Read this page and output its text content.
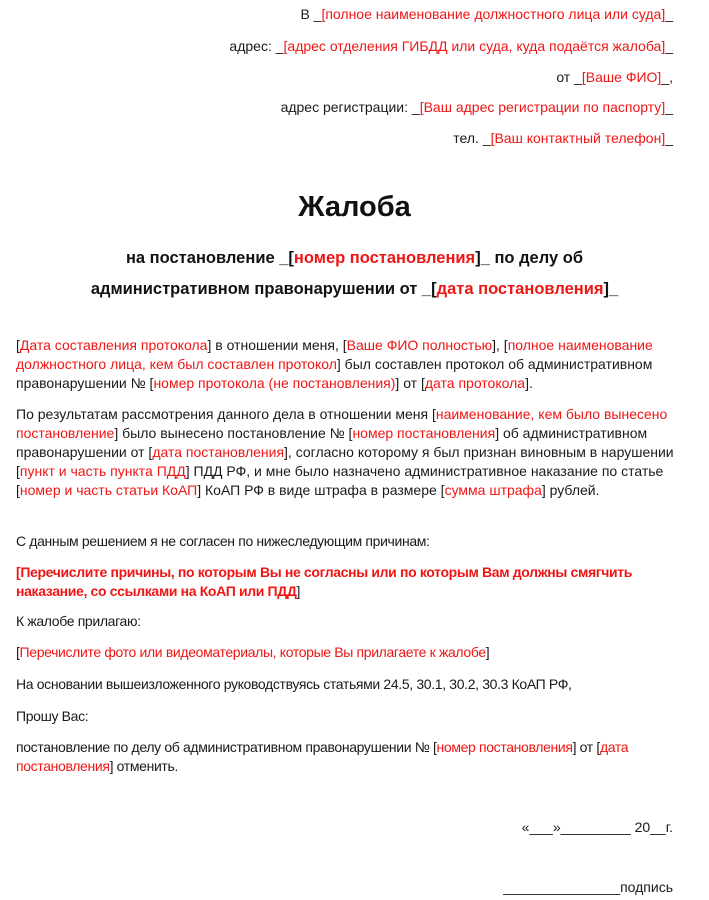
В _[полное наименование должностного лица или суда]_
адрес: _[адрес отделения ГИБДД или суда, куда подаётся жалоба]_
от _[Ваше ФИО]_,
адрес регистрации: _[Ваш адрес регистрации по паспорту]_
тел. _[Ваш контактный телефон]_
Жалоба
на постановление _[номер постановления]_ по делу об
административном правонарушении от _[дата постановления]_
[Дата составления протокола] в отношении меня, [Ваше ФИО полностью], [полное наименование должностного лица, кем был составлен протокол] был составлен протокол об административном правонарушении № [номер протокола (не постановления)] от [дата протокола].
По результатам рассмотрения данного дела в отношении меня [наименование, кем было вынесено постановление] было вынесено постановление № [номер постановления] об административном правонарушении от [дата постановления], согласно которому я был признан виновным в нарушении [пункт и часть пункта ПДД] ПДД РФ, и мне было назначено административное наказание по статье [номер и часть статьи КоАП] КоАП РФ в виде штрафа в размере [сумма штрафа] рублей.
С данным решением я не согласен по нижеследующим причинам:
[Перечислите причины, по которым Вы не согласны или по которым Вам должны смягчить наказание, со ссылками на КоАП или ПДД]
К жалобе прилагаю:
[Перечислите фото или видеоматериалы, которые Вы прилагаете к жалобе]
На основании вышеизложенного руководствуясь статьями 24.5, 30.1, 30.2, 30.3 КоАП РФ,
Прошу Вас:
постановление по делу об административном правонарушении № [номер постановления] от [дата постановления] отменить.
«___»_________ 20__г.
_______________подпись
